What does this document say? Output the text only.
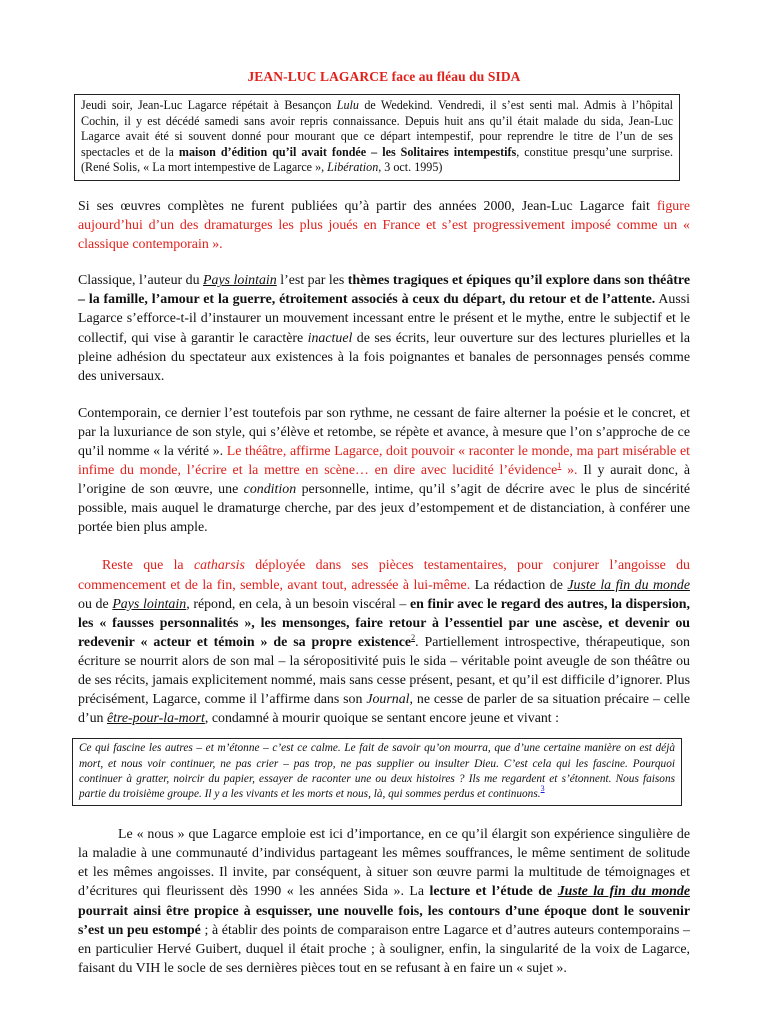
JEAN-LUC LAGARCE face au fléau du SIDA
Jeudi soir, Jean-Luc Lagarce répétait à Besançon Lulu de Wedekind. Vendredi, il s’est senti mal. Admis à l’hôpital Cochin, il y est décédé samedi sans avoir repris connaissance. Depuis huit ans qu’il était malade du sida, Jean-Luc Lagarce avait été si souvent donné pour mourant que ce départ intempestif, pour reprendre le titre de l’un de ses spectacles et de la maison d’édition qu’il avait fondée – les Solitaires intempestifs, constitue presqu’une surprise. (René Solis, « La mort intempestive de Lagarce », Libération, 3 oct. 1995)

Si ses œuvres complètes ne furent publiées qu’à partir des années 2000, Jean-Luc Lagarce fait figure aujourd’hui d’un des dramaturges les plus joués en France et s’est progressivement imposé comme un « classique contemporain ».

Classique, l’auteur du Pays lointain l’est par les thèmes tragiques et épiques qu’il explore dans son théâtre – la famille, l’amour et la guerre, étroitement associés à ceux du départ, du retour et de l’attente. Aussi Lagarce s’efforce-t-il d’instaurer un mouvement incessant entre le présent et le mythe, entre le subjectif et le collectif, qui vise à garantir le caractère inactuel de ses écrits, leur ouverture sur des lectures plurielles et la pleine adhésion du spectateur aux existences à la fois poignantes et banales de personnages pensés comme des universaux.

Contemporain, ce dernier l’est toutefois par son rythme, ne cessant de faire alterner la poésie et le concret, et par la luxuriance de son style, qui s’élève et retombe, se répète et avance, à mesure que l’on s’approche de ce qu’il nomme « la vérité ». Le théâtre, affirme Lagarce, doit pouvoir « raconter le monde, ma part misérable et infime du monde, l’écrire et la mettre en scène… en dire avec lucidité l’évidence$^1$ ». Il y aurait donc, à l’origine de son œuvre, une condition personnelle, intime, qu’il s’agit de décrire avec le plus de sincérité possible, mais auquel le dramaturge cherche, par des jeux d’estompement et de distanciation, à conférer une portée bien plus ample.

Reste que la catharsis déployée dans ses pièces testamentaires, pour conjurer l’angoisse du commencement et de la fin, semble, avant tout, adressée à lui-même. La rédaction de Juste la fin du monde ou de Pays lointain, répond, en cela, à un besoin viscéral – en finir avec le regard des autres, la dispersion, les « fausses personnalités », les mensonges, faire retour à l’essentiel par une ascèse, et devenir ou redevenir « acteur et témoin » de sa propre existence$^2$. Partiellement introspective, thérapeutique, son écriture se nourrit alors de son mal – la séropositivité puis le sida – véritable point aveugle de son théâtre ou de ses récits, jamais explicitement nommé, mais sans cesse présent, pesant, et qu’il est difficile d’ignorer. Plus précisément, Lagarce, comme il l’affirme dans son Journal, ne cesse de parler de sa situation précaire – celle d’un être-pour-la-mort, condamné à mourir quoique se sentant encore jeune et vivant :

Ce qui fascine les autres – et m’étonne – c’est ce calme. Le fait de savoir qu’on mourra, que d’une certaine manière on est déjà mort, et nous voir continuer, ne pas crier – pas trop, ne pas supplier ou insulter Dieu. C’est cela qui les fascine. Pourquoi continuer à gratter, noircir du papier, essayer de raconter une ou deux histoires ? Ils me regardent et s’étonnent. Nous faisons partie du troisième groupe. Il y a les vivants et les morts et nous, là, qui sommes perdus et continuons.$^3$

Le « nous » que Lagarce emploie est ici d’importance, en ce qu’il élargit son expérience singulière de la maladie à une communauté d’individus partageant les mêmes souffrances, le même sentiment de solitude et les mêmes angoisses. Il invite, par conséquent, à situer son œuvre parmi la multitude de témoignages et d’écritures qui fleurissent dès 1990 « les années Sida ». La lecture et l’étude de Juste la fin du monde pourrait ainsi être propice à esquisser, une nouvelle fois, les contours d’une époque dont le souvenir s’est un peu estompé ; à établir des points de comparaison entre Lagarce et d’autres auteurs contemporains – en particulier Hervé Guibert, duquel il était proche ; à souligner, enfin, la singularité de la voix de Lagarce, faisant du VIH le socle de ses dernières pièces tout en se refusant à en faire un « sujet ».
